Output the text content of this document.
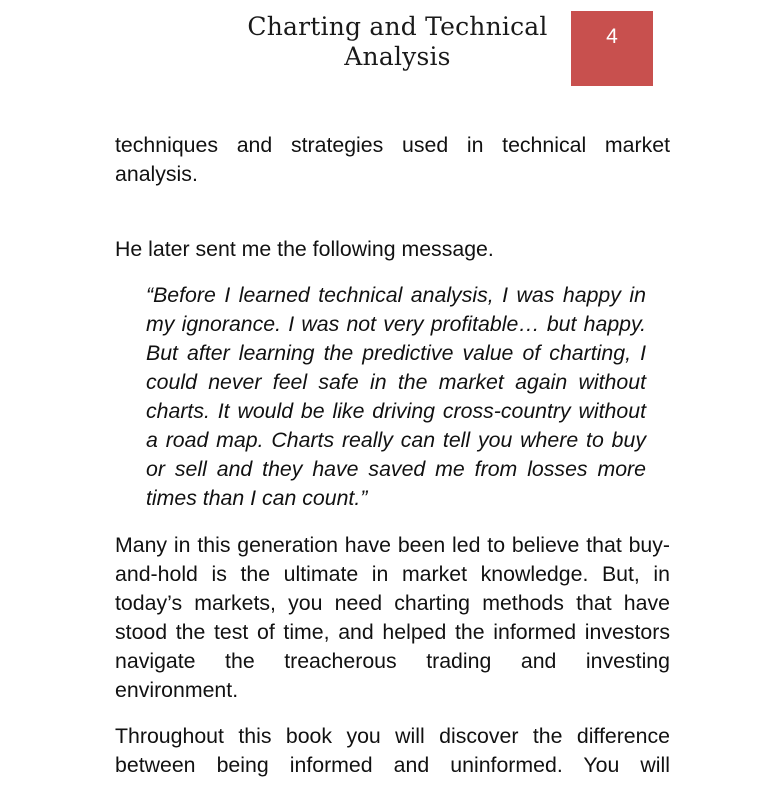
Charting and Technical Analysis
4

techniques and strategies used in technical market analysis.

He later sent me the following message.

“Before I learned technical analysis, I was happy in my ignorance. I was not very profitable… but happy. But after learning the predictive value of charting, I could never feel safe in the market again without charts. It would be like driving cross-country without a road map. Charts really can tell you where to buy or sell and they have saved me from losses more times than I can count.”

Many in this generation have been led to believe that buy-and-hold is the ultimate in market knowledge. But, in today’s markets, you need charting methods that have stood the test of time, and helped the informed investors navigate the treacherous trading and investing environment.

Throughout this book you will discover the difference between being informed and uninformed. You will
